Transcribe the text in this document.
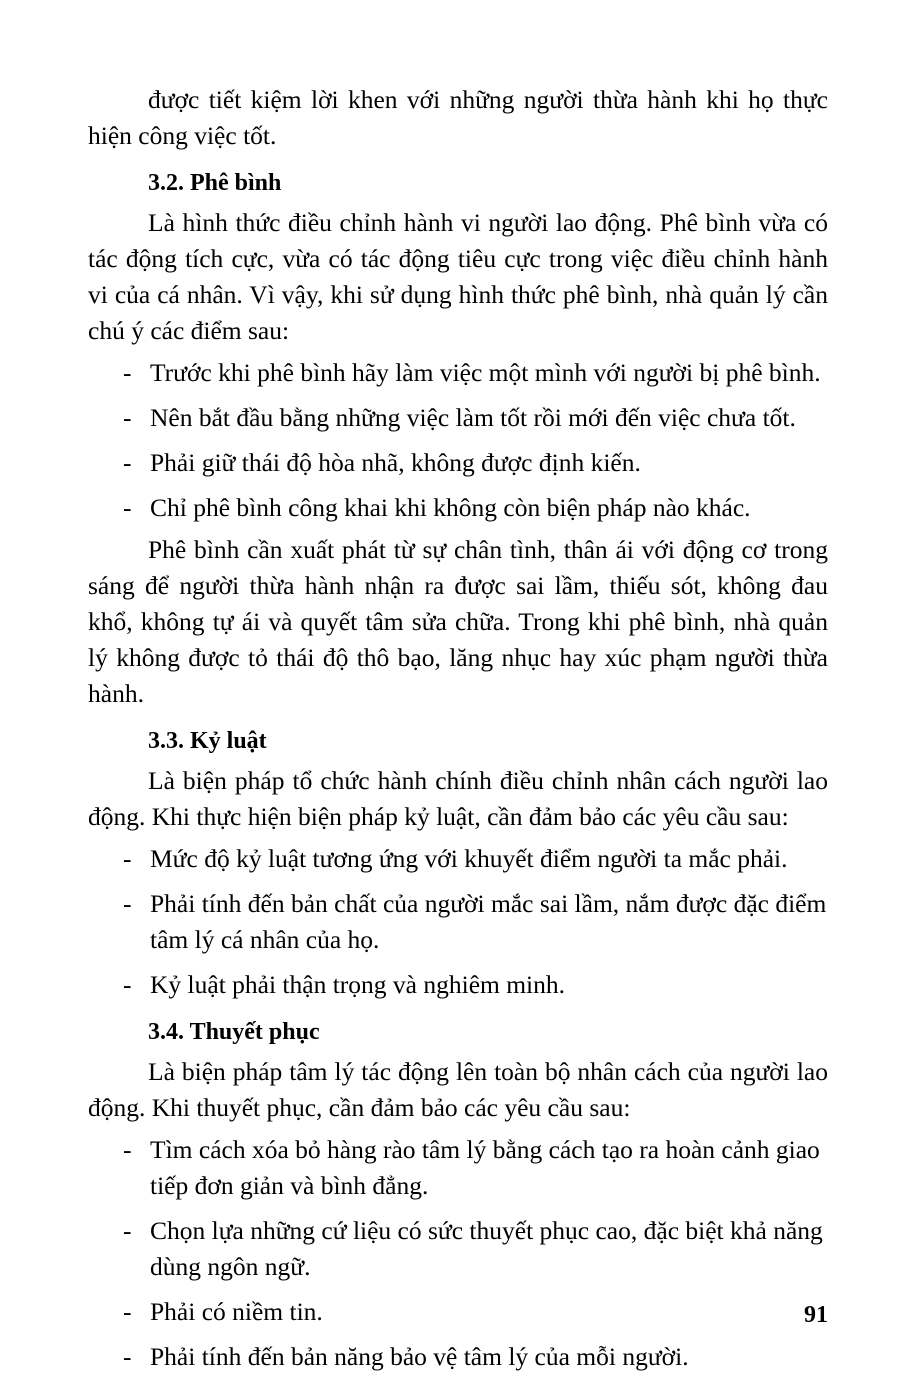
được tiết kiệm lời khen với những người thừa hành khi họ thực hiện công việc tốt.

3.2. Phê bình

Là hình thức điều chỉnh hành vi người lao động. Phê bình vừa có tác động tích cực, vừa có tác động tiêu cực trong việc điều chỉnh hành vi của cá nhân. Vì vậy, khi sử dụng hình thức phê bình, nhà quản lý cần chú ý các điểm sau:

- Trước khi phê bình hãy làm việc một mình với người bị phê bình.
- Nên bắt đầu bằng những việc làm tốt rồi mới đến việc chưa tốt.
- Phải giữ thái độ hòa nhã, không được định kiến.
- Chỉ phê bình công khai khi không còn biện pháp nào khác.

Phê bình cần xuất phát từ sự chân tình, thân ái với động cơ trong sáng để người thừa hành nhận ra được sai lầm, thiếu sót, không đau khổ, không tự ái và quyết tâm sửa chữa. Trong khi phê bình, nhà quản lý không được tỏ thái độ thô bạo, lăng nhục hay xúc phạm người thừa hành.

3.3. Kỷ luật

Là biện pháp tổ chức hành chính điều chỉnh nhân cách người lao động. Khi thực hiện biện pháp kỷ luật, cần đảm bảo các yêu cầu sau:

- Mức độ kỷ luật tương ứng với khuyết điểm người ta mắc phải.
- Phải tính đến bản chất của người mắc sai lầm, nắm được đặc điểm tâm lý cá nhân của họ.
- Kỷ luật phải thận trọng và nghiêm minh.
3.4. Thuyết phục

Là biện pháp tâm lý tác động lên toàn bộ nhân cách của người lao động. Khi thuyết phục, cần đảm bảo các yêu cầu sau:

- Tìm cách xóa bỏ hàng rào tâm lý bằng cách tạo ra hoàn cảnh giao tiếp đơn giản và bình đẳng.
- Chọn lựa những cứ liệu có sức thuyết phục cao, đặc biệt khả năng dùng ngôn ngữ.
- Phải có niềm tin.
- Phải tính đến bản năng bảo vệ tâm lý của mỗi người.
91
